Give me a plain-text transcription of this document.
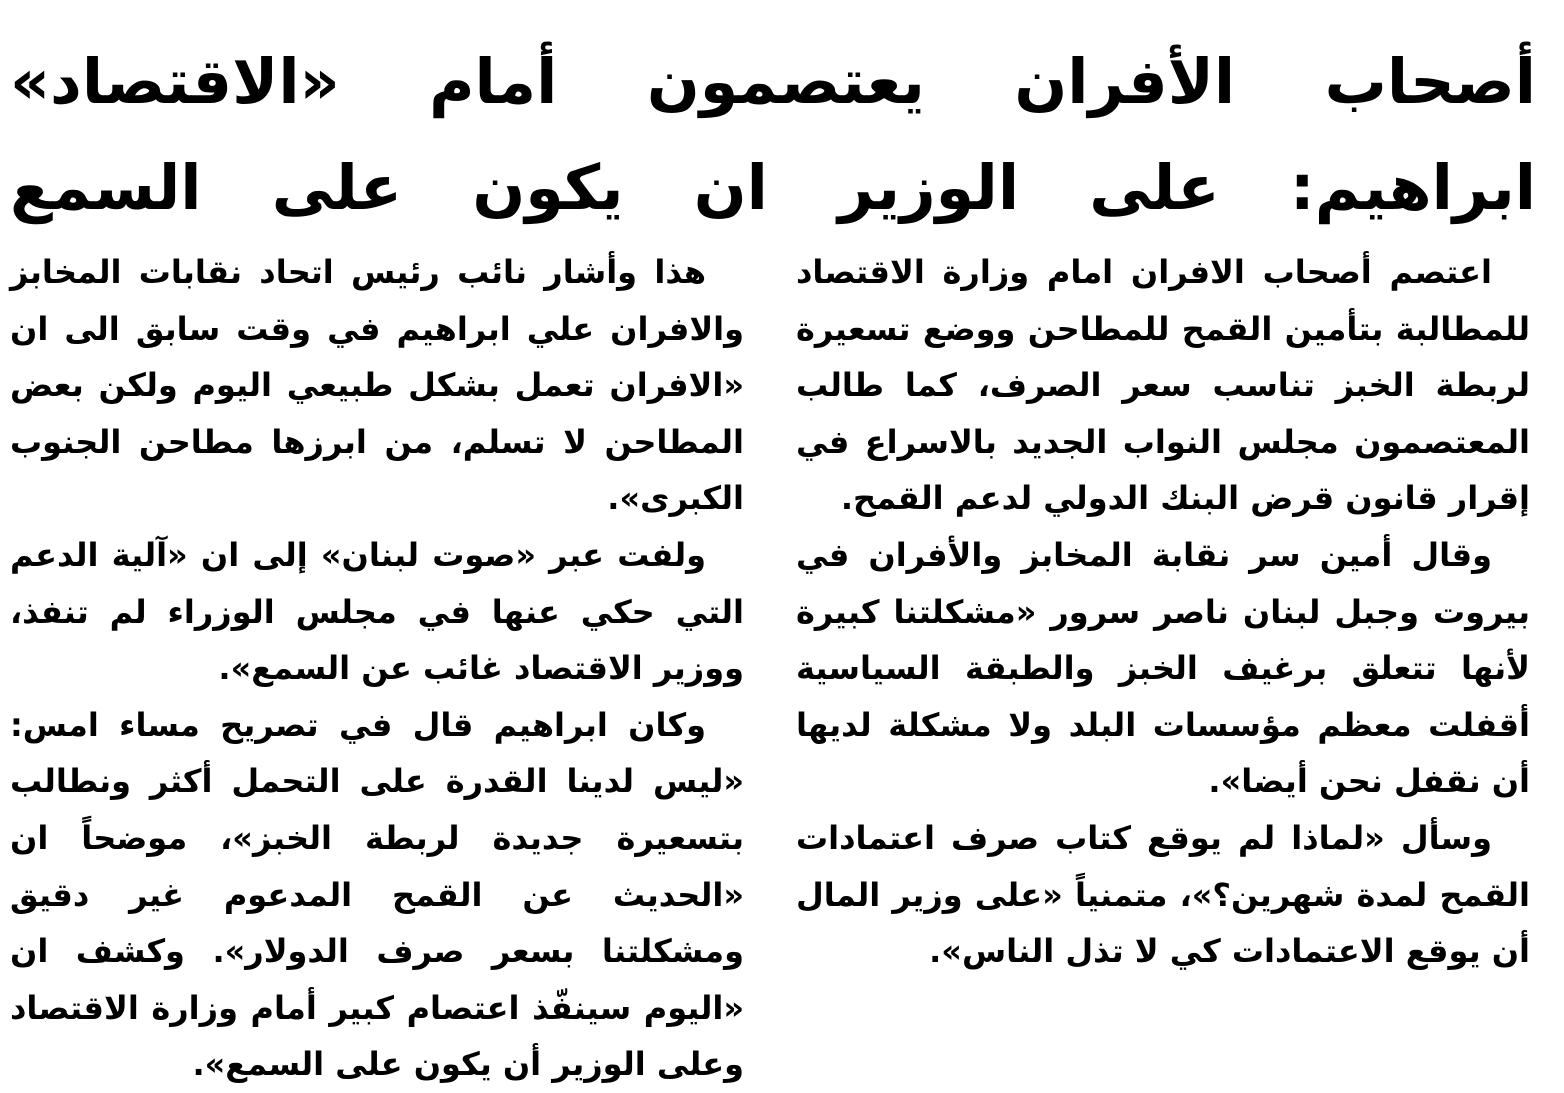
أصحاب الأفران يعتصمون أمام «الاقتصاد»
ابراهيم: على الوزير ان يكون على السمع

اعتصم أصحاب الافران امام وزارة الاقتصاد للمطالبة بتأمين القمح للمطاحن ووضع تسعيرة لربطة الخبز تناسب سعر الصرف، كما طالب المعتصمون مجلس النواب الجديد بالاسراع في إقرار قانون قرض البنك الدولي لدعم القمح.

وقال أمين سر نقابة المخابز والأفران في بيروت وجبل لبنان ناصر سرور «مشكلتنا كبيرة لأنها تتعلق برغيف الخبز والطبقة السياسية أقفلت معظم مؤسسات البلد ولا مشكلة لديها أن نقفل نحن أيضا».

وسأل «لماذا لم يوقع كتاب صرف اعتمادات القمح لمدة شهرين؟»، متمنياً «على وزير المال أن يوقع الاعتمادات كي لا تذل الناس».

هذا وأشار نائب رئيس اتحاد نقابات المخابز والافران علي ابراهيم في وقت سابق الى ان «الافران تعمل بشكل طبيعي اليوم ولكن بعض المطاحن لا تسلم، من ابرزها مطاحن الجنوب الكبرى».

ولفت عبر «صوت لبنان» إلى ان «آلية الدعم التي حكي عنها في مجلس الوزراء لم تنفذ، ووزير الاقتصاد غائب عن السمع».

وكان ابراهيم قال في تصريح مساء امس: «ليس لدينا القدرة على التحمل أكثر ونطالب بتسعيرة جديدة لربطة الخبز»، موضحاً ان «الحديث عن القمح المدعوم غير دقيق ومشكلتنا بسعر صرف الدولار». وكشف ان «اليوم سينفّذ اعتصام كبير أمام وزارة الاقتصاد وعلى الوزير أن يكون على السمع».
